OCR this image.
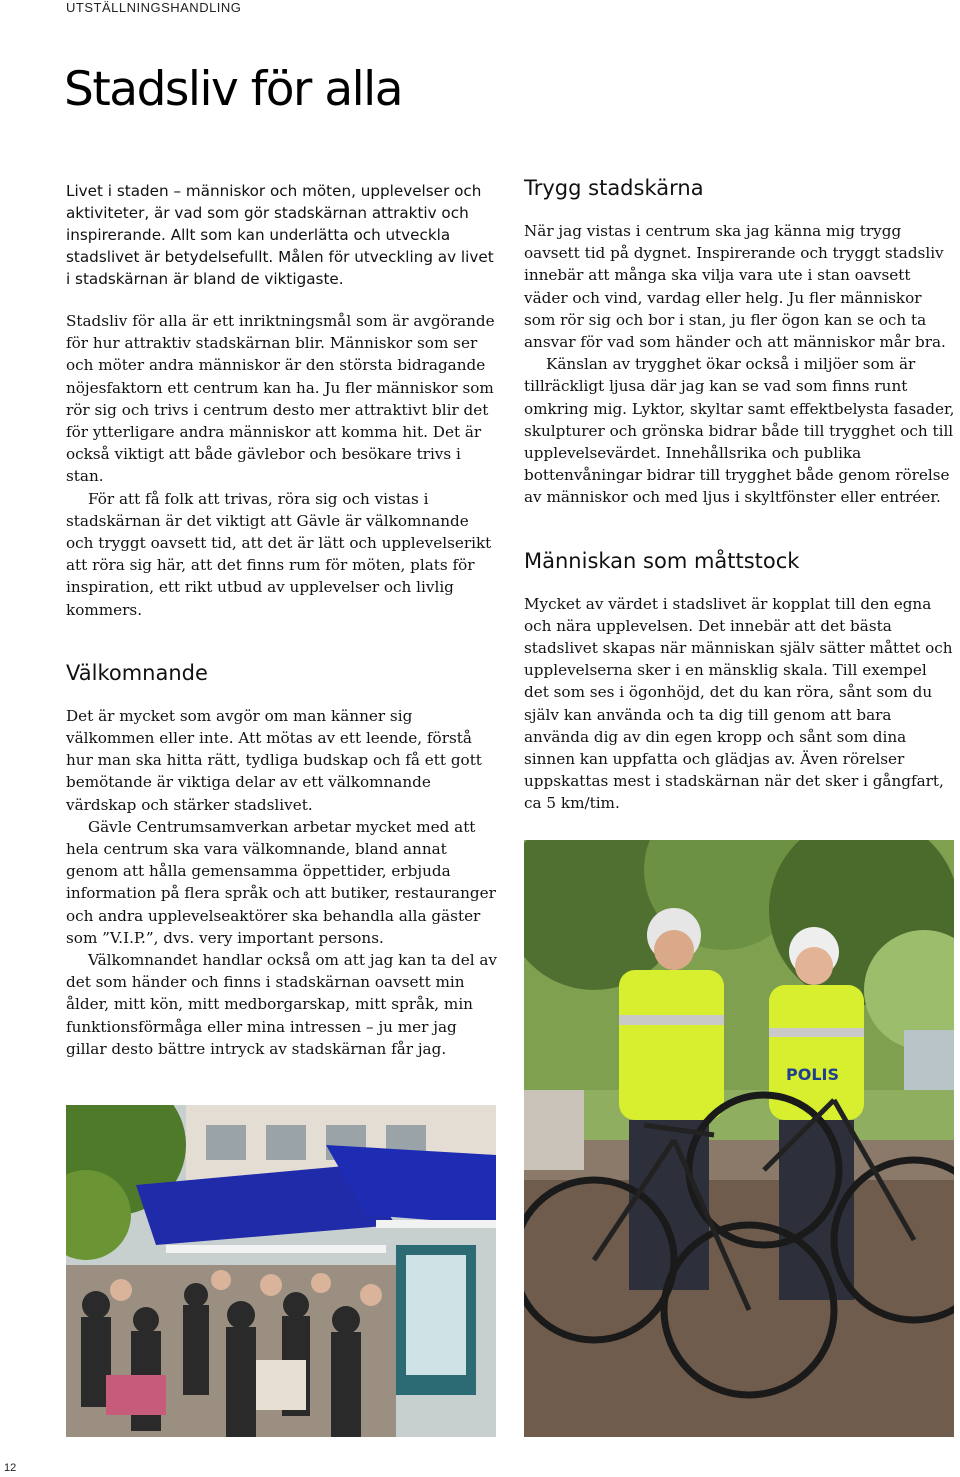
UTSTÄLLNINGSHANDLING
Stadsliv för alla

Livet i staden – människor och möten, upplevelser och aktiviteter, är vad som gör stadskärnan attraktiv och inspirerande. Allt som kan underlätta och utveckla stadslivet är betydelsefullt. Målen för utveckling av livet i stadskärnan är bland de viktigaste.

Stadsliv för alla är ett inriktningsmål som är avgörande för hur attraktiv stadskärnan blir. Människor som ser och möter andra människor är den största bidragande nöjesfaktorn ett centrum kan ha. Ju fler människor som rör sig och trivs i centrum desto mer attraktivt blir det för ytterligare andra människor att komma hit. Det är också viktigt att både gävlebor och besökare trivs i stan.

För att få folk att trivas, röra sig och vistas i stadskärnan är det viktigt att Gävle är välkomnande och tryggt oavsett tid, att det är lätt och upplevelserikt att röra sig här, att det finns rum för möten, plats för inspiration, ett rikt utbud av upplevelser och livlig kommers.

Välkomnande

Det är mycket som avgör om man känner sig välkommen eller inte. Att mötas av ett leende, förstå hur man ska hitta rätt, tydliga budskap och få ett gott bemötande är viktiga delar av ett välkomnande värdskap och stärker stadslivet.

Gävle Centrumsamverkan arbetar mycket med att hela centrum ska vara välkomnande, bland annat genom att hålla gemensamma öppettider, erbjuda information på flera språk och att butiker, restauranger och andra upplevelseaktörer ska behandla alla gäster som ”V.I.P.”, dvs. very important persons.

Välkomnandet handlar också om att jag kan ta del av det som händer och finns i stadskärnan oavsett min ålder, mitt kön, mitt medborgarskap, mitt språk, min funktionsförmåga eller mina intressen – ju mer jag gillar desto bättre intryck av stadskärnan får jag.

Trygg stadskärna

När jag vistas i centrum ska jag känna mig trygg oavsett tid på dygnet. Inspirerande och tryggt stadsliv innebär att många ska vilja vara ute i stan oavsett väder och vind, vardag eller helg. Ju fler människor som rör sig och bor i stan, ju fler ögon kan se och ta ansvar för vad som händer och att människor mår bra.

Känslan av trygghet ökar också i miljöer som är tillräckligt ljusa där jag kan se vad som finns runt omkring mig. Lyktor, skyltar samt effektbelysta fasader, skulpturer och grönska bidrar både till trygghet och till upplevelsevärdet. Innehållsrika och publika bottenvåningar bidrar till trygghet både genom rörelse av människor och med ljus i skyltfönster eller entréer.

Människan som måttstock

Mycket av värdet i stadslivet är kopplat till den egna och nära upplevelsen. Det innebär att det bästa stadslivet skapas när människan själv sätter måttet och upplevelserna sker i en mänsklig skala. Till exempel det som ses i ögonhöjd, det du kan röra, sånt som du själv kan använda och ta dig till genom att bara använda dig av din egen kropp och sånt som dina sinnen kan uppfatta och glädjas av. Även rörelser uppskattas mest i stadskärnan när det sker i gångfart, ca 5 km/tim.

POLIS
12
